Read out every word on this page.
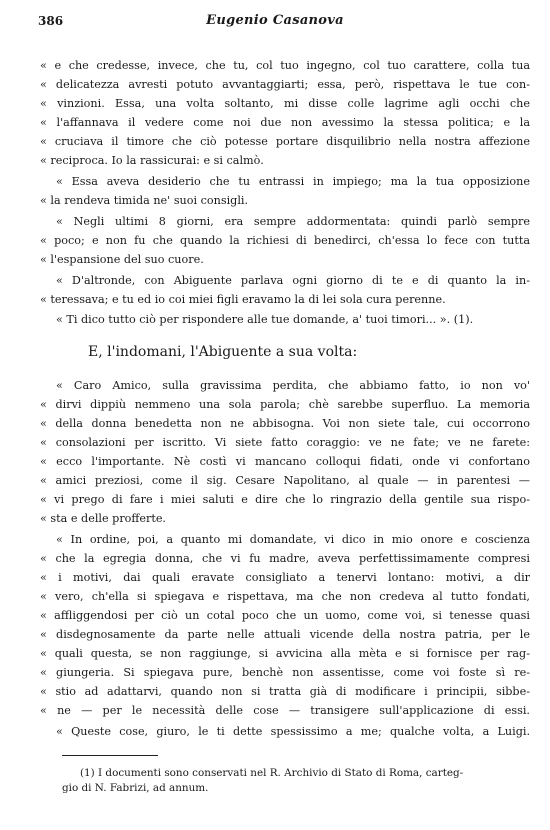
386	Eugenio Casanova
« e che credesse, invece, che tu, col tuo ingegno, col tuo carattere, colla tua
« delicatezza avresti potuto avvantaggiarti; essa, però, rispettava le tue con-
« vinzioni. Essa, una volta soltanto, mi disse colle lagrime agli occhi che
« l'affannava il vedere come noi due non avessimo la stessa politica; e la
« cruciava il timore che ciò potesse portare disquilibrio nella nostra affezione
« reciproca. Io la rassicurai: e si calmò.
« Essa aveva desiderio che tu entrassi in impiego; ma la tua opposizione
« la rendeva timida ne' suoi consigli.
« Negli ultimi 8 giorni, era sempre addormentata: quindi parlò sempre
« poco; e non fu che quando la richiesi di benedirci, ch'essa lo fece con tutta
« l'espansione del suo cuore.
« D'altronde, con Abiguente parlava ogni giorno di te e di quanto la in-
« teressava; e tu ed io coi miei figli eravamo la di lei sola cura perenne.
« Ti dico tutto ciò per rispondere alle tue domande, a' tuoi timori... ». (1).
E, l'indomani, l'Abiguente a sua volta:
« Caro Amico, sulla gravissima perdita, che abbiamo fatto, io non vo'
« dirvi dippiù nemmeno una sola parola; chè sarebbe superfluo. La memoria
« della donna benedetta non ne abbisogna. Voi non siete tale, cui occorrono
« consolazioni per iscritto. Vi siete fatto coraggio: ve ne fate; ve ne farete:
« ecco l'importante. Nè costì vi mancano colloqui fidati, onde vi confortano
« amici preziosi, come il sig. Cesare Napolitano, al quale — in parentesi —
« vi prego di fare i miei saluti e dire che lo ringrazio della gentile sua rispo-
« sta e delle profferte.
« In ordine, poi, a quanto mi domandate, vi dico in mio onore e coscienza
« che la egregia donna, che vi fu madre, aveva perfettissimamente compresi
« i motivi, dai quali eravate consigliato a tenervi lontano: motivi, a dir
« vero, ch'ella si spiegava e rispettava, ma che non credeva al tutto fondati,
« affliggendosi per ciò un cotal poco che un uomo, come voi, si tenesse quasi
« disdegnosamente da parte nelle attuali vicende della nostra patria, per le
« quali questa, se non raggiunge, si avvicina alla mèta e si fornisce per rag-
« giungeria. Si spiegava pure, benchè non assentisse, come voi foste sì re-
« stio ad adattarvi, quando non si tratta già di modificare i principii, sibbe-
« ne — per le necessità delle cose — transigere sull'applicazione di essi.
« Queste cose, giuro, le ti dette spessissimo a me; qualche volta, a Luigi.
(1) I documenti sono conservati nel R. Archivio di Stato di Roma, carteg-
gio di N. Fabrizi, ad annum.
